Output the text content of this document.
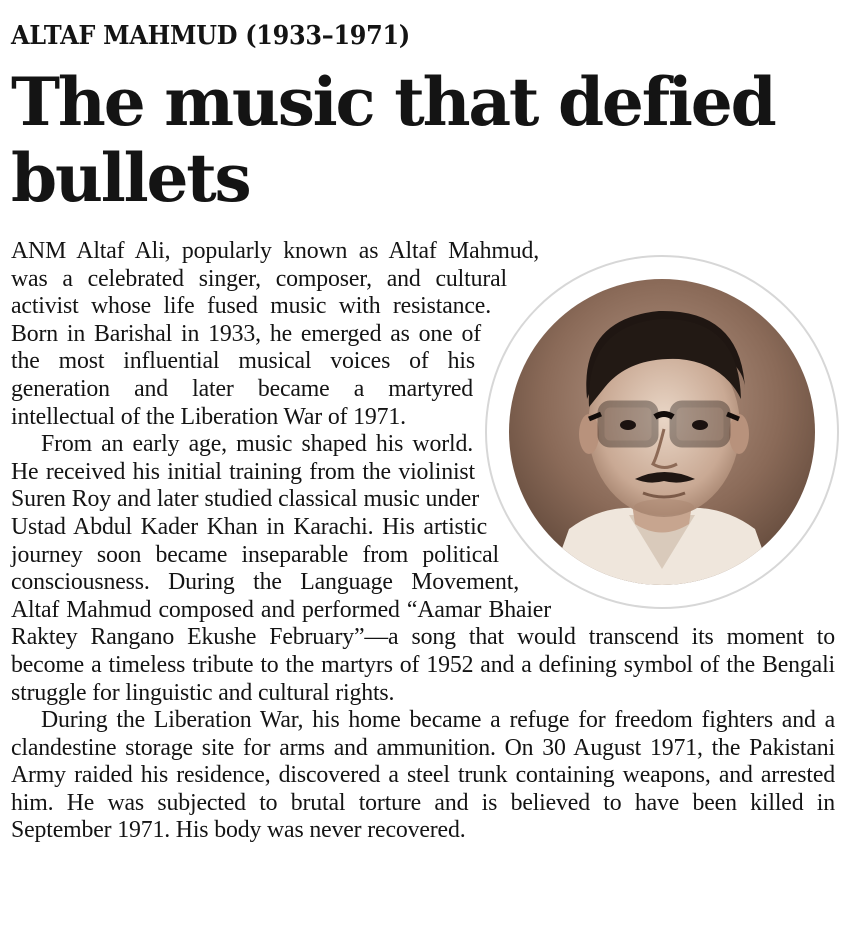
ALTAF MAHMUD (1933–1971)
The music that defied bullets

ANM Altaf Ali, popularly known as Altaf Mahmud, was a celebrated singer, composer, and cultural activist whose life fused music with resistance. Born in Barishal in 1933, he emerged as one of the most influential musical voices of his generation and later became a martyred intellectual of the Liberation War of 1971.

From an early age, music shaped his world. He received his initial training from the violinist Suren Roy and later studied classical music under Ustad Abdul Kader Khan in Karachi. His artistic journey soon became inseparable from political consciousness. During the Language Movement, Altaf Mahmud composed and performed “Aamar Bhaier Raktey Rangano Ekushe February”—a song that would transcend its moment to become a timeless tribute to the martyrs of 1952 and a defining symbol of the Bengali struggle for linguistic and cultural rights.

During the Liberation War, his home became a refuge for freedom fighters and a clandestine storage site for arms and ammunition. On 30 August 1971, the Pakistani Army raided his residence, discovered a steel trunk containing weapons, and arrested him. He was subjected to brutal torture and is believed to have been killed in September 1971. His body was never recovered.
